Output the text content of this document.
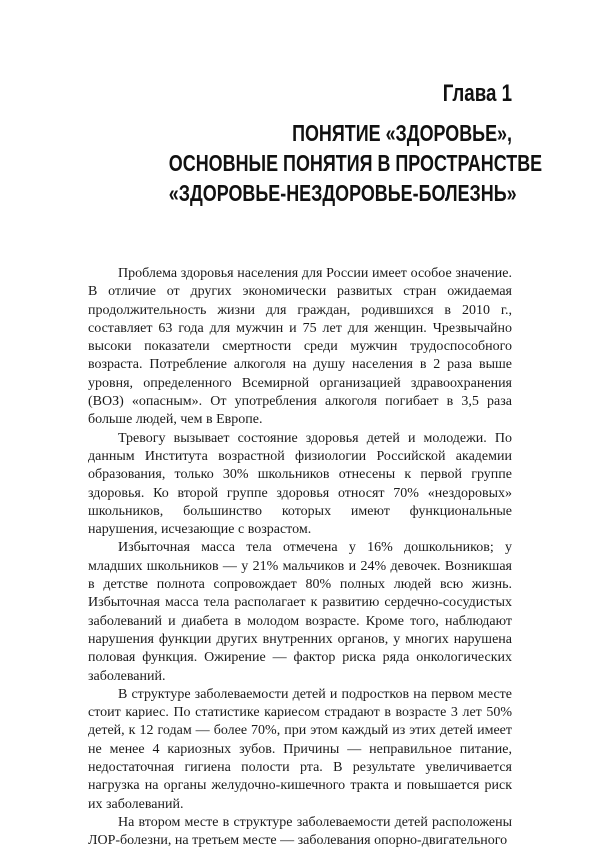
Глава 1
ПОНЯТИЕ «ЗДОРОВЬЕ»,
ОСНОВНЫЕ ПОНЯТИЯ В ПРОСТРАНСТВЕ
«ЗДОРОВЬЕ-НЕЗДОРОВЬЕ-БОЛЕЗНЬ»

Проблема здоровья населения для России имеет особое значение. В отличие от других экономически развитых стран ожидаемая продолжительность жизни для граждан, родившихся в 2010 г., составляет 63 года для мужчин и 75 лет для женщин. Чрезвычайно высоки показатели смертности среди мужчин трудоспособного возраста. Потребление алкоголя на душу населения в 2 раза выше уровня, определенного Всемирной организацией здравоохранения (ВОЗ) «опасным». От употребления алкоголя погибает в 3,5 раза больше людей, чем в Европе.

Тревогу вызывает состояние здоровья детей и молодежи. По данным Института возрастной физиологии Российской академии образования, только 30% школьников отнесены к первой группе здоровья. Ко второй группе здоровья относят 70% «нездоровых» школьников, большинство которых имеют функциональные нарушения, исчезающие с возрастом.

Избыточная масса тела отмечена у 16% дошкольников; у младших школьников — у 21% мальчиков и 24% девочек. Возникшая в детстве полнота сопровождает 80% полных людей всю жизнь. Избыточная масса тела располагает к развитию сердечно-сосудистых заболеваний и диабета в молодом возрасте. Кроме того, наблюдают нарушения функции других внутренних органов, у многих нарушена половая функция. Ожирение — фактор риска ряда онкологических заболеваний.

В структуре заболеваемости детей и подростков на первом месте стоит кариес. По статистике кариесом страдают в возрасте 3 лет 50% детей, к 12 годам — более 70%, при этом каждый из этих детей имеет не менее 4 кариозных зубов. Причины — неправильное питание, недостаточная гигиена полости рта. В результате увеличивается нагрузка на органы желудочно-кишечного тракта и повышается риск их заболеваний.

На втором месте в структуре заболеваемости детей расположены ЛОР-болезни, на третьем месте — заболевания опорно-двигательного
